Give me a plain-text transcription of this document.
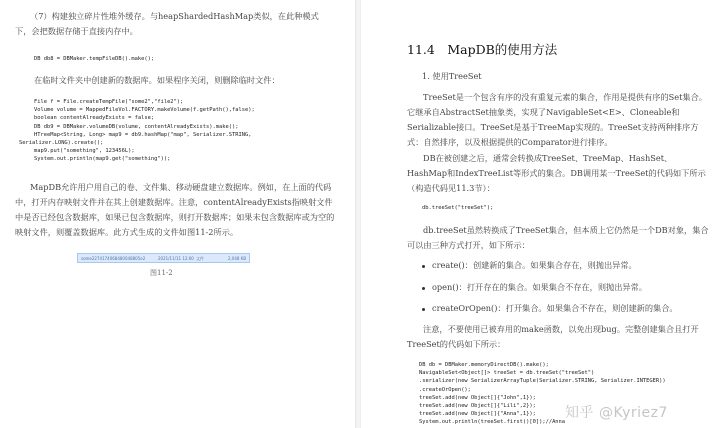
（7）构建独立碎片性堆外缓存。与heapShardedHashMap类似，在此种模式下，会把数据存储于直接内存中。

DB db8 = DBMaker.tempFileDB().make();

在临时文件夹中创建新的数据库。如果程序关闭，则删除临时文件：

File f = File.createTempFile("some2","file2");
Volume volume = MappedFileVol.FACTORY.makeVolume(f.getPath(),false);
boolean contentAlreadyExists = false;
DB db9 = DBMaker.volumeDB(volume, contentAlreadyExists).make();
HTreeMap<String, Long> map9 = db9.hashMap("map", Serializer.STRING,
Serializer.LONG).create();
map9.put("something", 123456L);
System.out.println(map9.get("something"));

MapDB允许用户用自己的卷、文件集、移动硬盘建立数据库。例如，在上面的代码中，打开内存映射文件并在其上创建数据库。注意，contentAlreadyExists指映射文件中是否已经包含数据库，如果已包含数据库，则打开数据库；如果未包含数据库或为空的映射文件，则覆盖数据库。此方式生成的文件如图11-2所示。

some2274174068480048805e2	2021/11/11 12:00 文件	2,048 KB
图11-2
11.4　MapDB的使用方法
1. 使用TreeSet

TreeSet是一个包含有序的没有重复元素的集合，作用是提供有序的Set集合。它继承自AbstractSet抽象类，实现了NavigableSet<E>、Cloneable和Serializable接口。TreeSet是基于TreeMap实现的。TreeSet支持两种排序方式：自然排序，以及根据提供的Comparator进行排序。

DB在被创建之后，通常会转换成TreeSet、TreeMap、HashSet、HashMap和IndexTreeList等形式的集合。DB调用某一TreeSet的代码如下所示（构造代码见11.3节）：

db.treeSet("treeSet");

db.treeSet虽然转换成了TreeSet集合，但本质上它仍然是一个DB对象，集合可以由三种方式打开，如下所示：

create()：创建新的集合。如果集合存在，则抛出异常。
open()：打开存在的集合。如果集合不存在，则抛出异常。
createOrOpen()：打开集合。如果集合不存在，则创建新的集合。

注意，不要使用已被弃用的make函数，以免出现bug。完整创建集合且打开TreeSet的代码如下所示：

DB db = DBMaker.memoryDirectDB().make();
NavigableSet<Object[]> treeSet = db.treeSet("treeSet")
.serializer(new SerializerArrayTuple(Serializer.STRING, Serializer.INTEGER))
.createOrOpen();
treeSet.add(new Object[]{"John",1});
treeSet.add(new Object[]{"Lili",2});
treeSet.add(new Object[]{"Anna",1});
System.out.println(treeSet.first()[0]);//Anna
知乎 @Kyriez7
